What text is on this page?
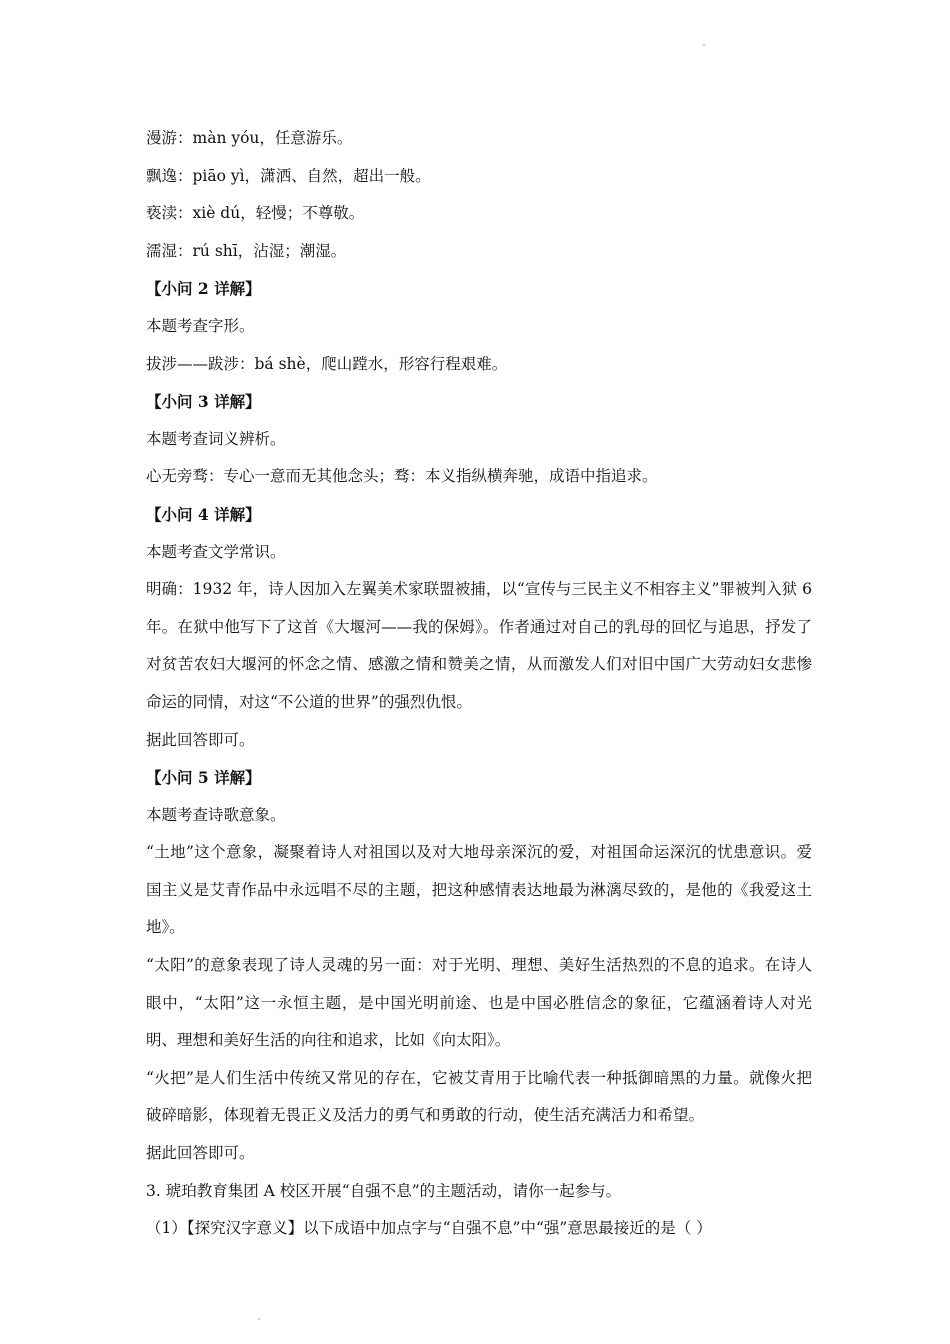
漫游：màn yóu，任意游乐。

飘逸：piāo yì，潇洒、自然，超出一般。

亵渎：xiè dú，轻慢；不尊敬。

濡湿：rú shī，沾湿；潮湿。

【小问 2 详解】

本题考查字形。

拔涉——跋涉：bá shè，爬山蹚水，形容行程艰难。

【小问 3 详解】

本题考查词义辨析。

心无旁骛：专心一意而无其他念头；骛：本义指纵横奔驰，成语中指追求。

【小问 4 详解】

本题考查文学常识。

明确：1932 年，诗人因加入左翼美术家联盟被捕，以“宣传与三民主义不相容主义”罪被判入狱 6 年。在狱中他写下了这首《大堰河——我的保姆》。作者通过对自己的乳母的回忆与追思，抒发了对贫苦农妇大堰河的怀念之情、感激之情和赞美之情，从而激发人们对旧中国广大劳动妇女悲惨命运的同情，对这“不公道的世界”的强烈仇恨。

据此回答即可。

【小问 5 详解】

本题考查诗歌意象。

“土地”这个意象，凝聚着诗人对祖国以及对大地母亲深沉的爱，对祖国命运深沉的忧患意识。爱国主义是艾青作品中永远唱不尽的主题，把这种感情表达地最为淋漓尽致的，是他的《我爱这土地》。

“太阳”的意象表现了诗人灵魂的另一面：对于光明、理想、美好生活热烈的不息的追求。在诗人眼中，“太阳”这一永恒主题，是中国光明前途、也是中国必胜信念的象征，它蕴涵着诗人对光明、理想和美好生活的向往和追求，比如《向太阳》。

“火把”是人们生活中传统又常见的存在，它被艾青用于比喻代表一种抵御暗黑的力量。就像火把破碎暗影，体现着无畏正义及活力的勇气和勇敢的行动，使生活充满活力和希望。

据此回答即可。

3. 琥珀教育集团 A 校区开展“自强不息”的主题活动，请你一起参与。

（1）【探究汉字意义】以下成语中加点字与“自强不息”中“强”意思最接近的是（ ）
